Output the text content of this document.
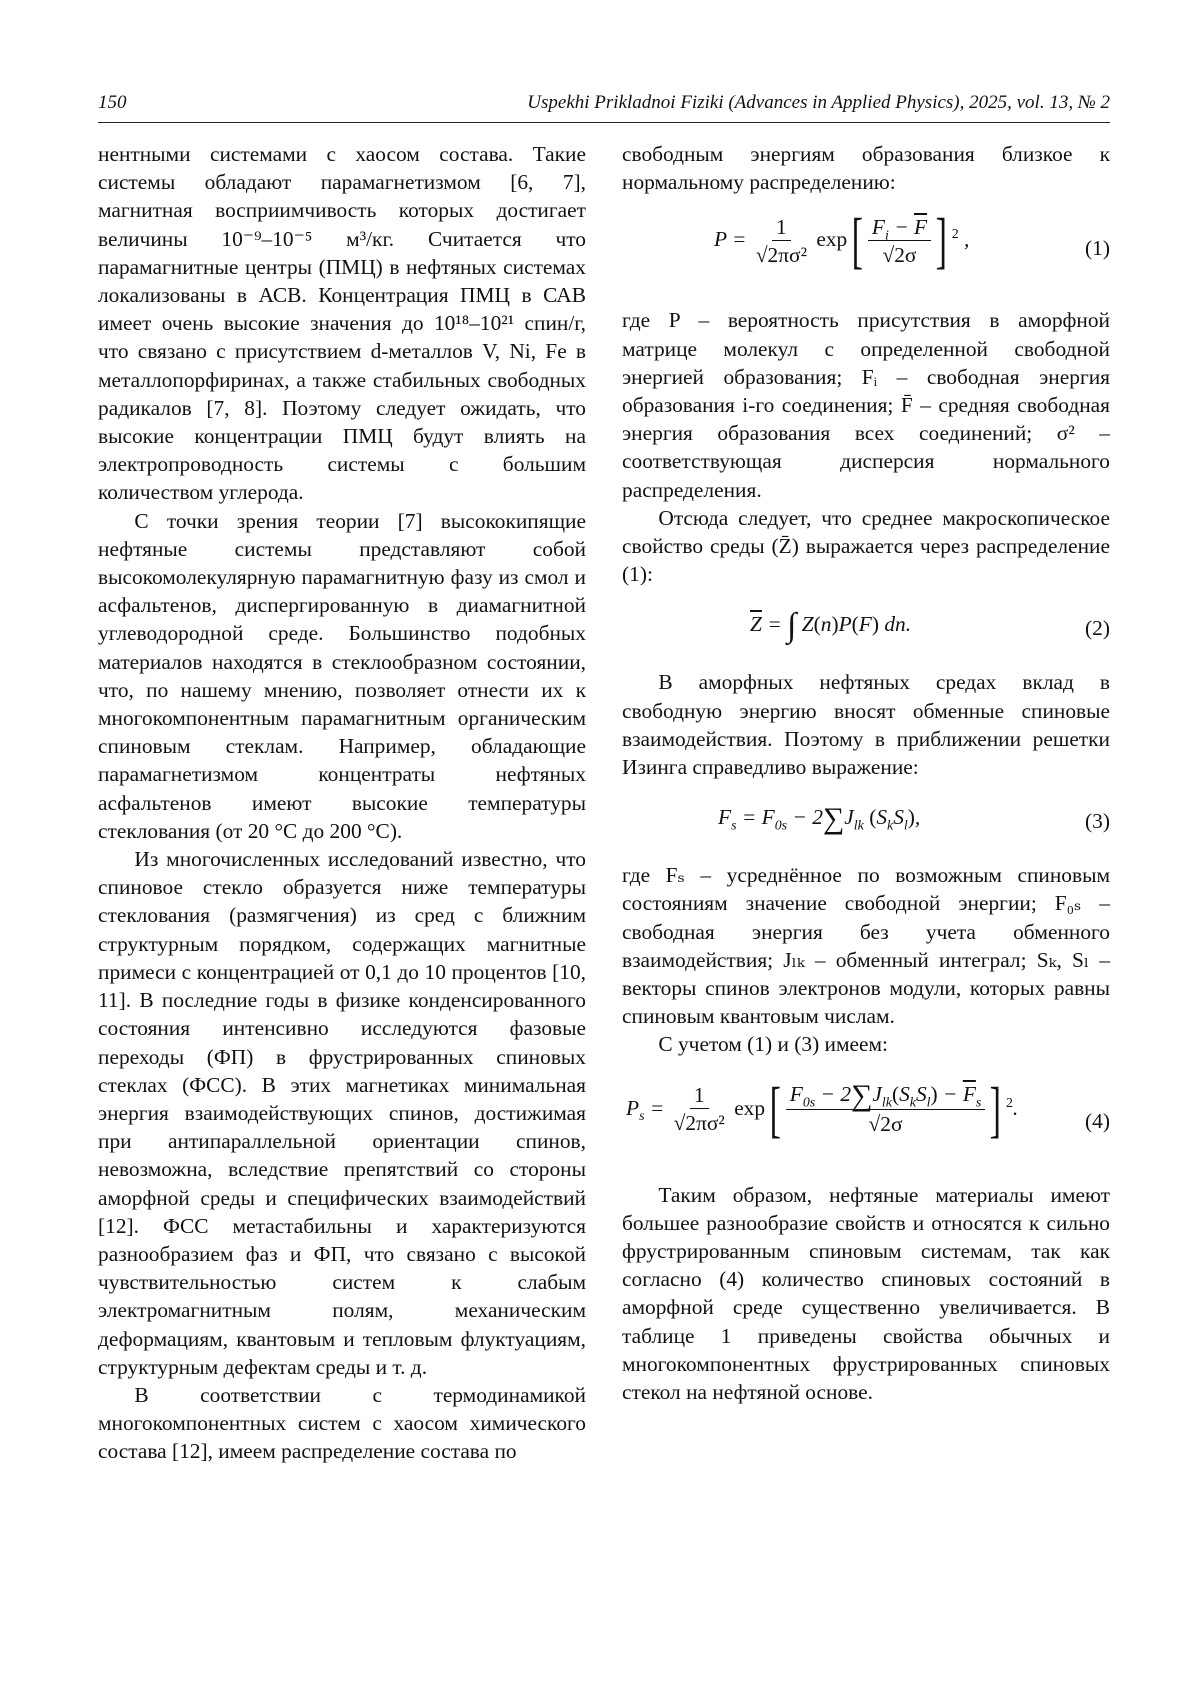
150	Uspekhi Prikladnoi Fiziki (Advances in Applied Physics), 2025, vol. 13, № 2

нентными системами с хаосом состава. Такие системы обладают парамагнетизмом [6, 7], магнитная восприимчивость которых достигает величины 10⁻⁹–10⁻⁵ м³/кг. Считается что парамагнитные центры (ПМЦ) в нефтяных системах локализованы в АСВ. Концентрация ПМЦ в САВ имеет очень высокие значения до 10¹⁸–10²¹ спин/г, что связано с присутствием d-металлов V, Ni, Fe в металлопорфиринах, а также стабильных свободных радикалов [7, 8]. Поэтому следует ожидать, что высокие концентрации ПМЦ будут влиять на электропроводность системы с большим количеством углерода.

С точки зрения теории [7] высококипящие нефтяные системы представляют собой высокомолекулярную парамагнитную фазу из смол и асфальтенов, диспергированную в диамагнитной углеводородной среде. Большинство подобных материалов находятся в стеклообразном состоянии, что, по нашему мнению, позволяет отнести их к многокомпонентным парамагнитным органическим спиновым стеклам. Например, обладающие парамагнетизмом концентраты нефтяных асфальтенов имеют высокие температуры стеклования (от 20 °С до 200 °С).

Из многочисленных исследований известно, что спиновое стекло образуется ниже температуры стеклования (размягчения) из сред с ближним структурным порядком, содержащих магнитные примеси с концентрацией от 0,1 до 10 процентов [10, 11]. В последние годы в физике конденсированного состояния интенсивно исследуются фазовые переходы (ФП) в фрустрированных спиновых стеклах (ФСС). В этих магнетиках минимальная энергия взаимодействующих спинов, достижимая при антипараллельной ориентации спинов, невозможна, вследствие препятствий со стороны аморфной среды и специфических взаимодействий [12]. ФСС метастабильны и характеризуются разнообразием фаз и ФП, что связано с высокой чувствительностью систем к слабым электромагнитным полям, механическим деформациям, квантовым и тепловым флуктуациям, структурным дефектам среды и т. д.

В соответствии с термодинамикой многокомпонентных систем с хаосом химического состава [12], имеем распределение состава по

свободным энергиям образования близкое к нормальному распределению:

$P = \frac{1}{\text{√2πσ²}} \exp[ \frac{F_i - \overline{F}}{√2\sigma}$ ] $^2$ ,	(1)

где P – вероятность присутствия в аморфной матрице молекул с определенной свободной энергией образования; Fᵢ – свободная энергия образования i-го соединения; F̄ – средняя свободная энергия образования всех соединений; σ² – соответствующая дисперсия нормального распределения.

Отсюда следует, что среднее макроскопическое свойство среды (Z̄) выражается через распределение (1):

$\overline{Z}$ = ∫ Z(n)P(F) dn.	(2)

В аморфных нефтяных средах вклад в свободную энергию вносят обменные спиновые взаимодействия. Поэтому в приближении решетки Изинга справедливо выражение:

$F_s = F_{0s} - 2\sum J_{lk}$ $(S_kS_l)$,	(3)

где Fₛ – усреднённое по возможным спиновым состояниям значение свободной энергии; F₀ₛ – свободная энергия без учета обменного взаимодействия; Jₗₖ – обменный интеграл; Sₖ, Sₗ – векторы спинов электронов модули, которых равны спиновым квантовым числам.

С учетом (1) и (3) имеем:

$P_s = \frac{1}{\text{√2πσ²}} \exp[ \frac{F_{0s} - 2\sum J_{lk}(S_kS_l) - \overline{F}_s}{√2\sigma}$ ] $^2$.
(4)

Таким образом, нефтяные материалы имеют большее разнообразие свойств и относятся к сильно фрустрированным спиновым системам, так как согласно (4) количество спиновых состояний в аморфной среде существенно увеличивается. В таблице 1 приведены свойства обычных и многокомпонентных фрустрированных спиновых стекол на нефтяной основе.
